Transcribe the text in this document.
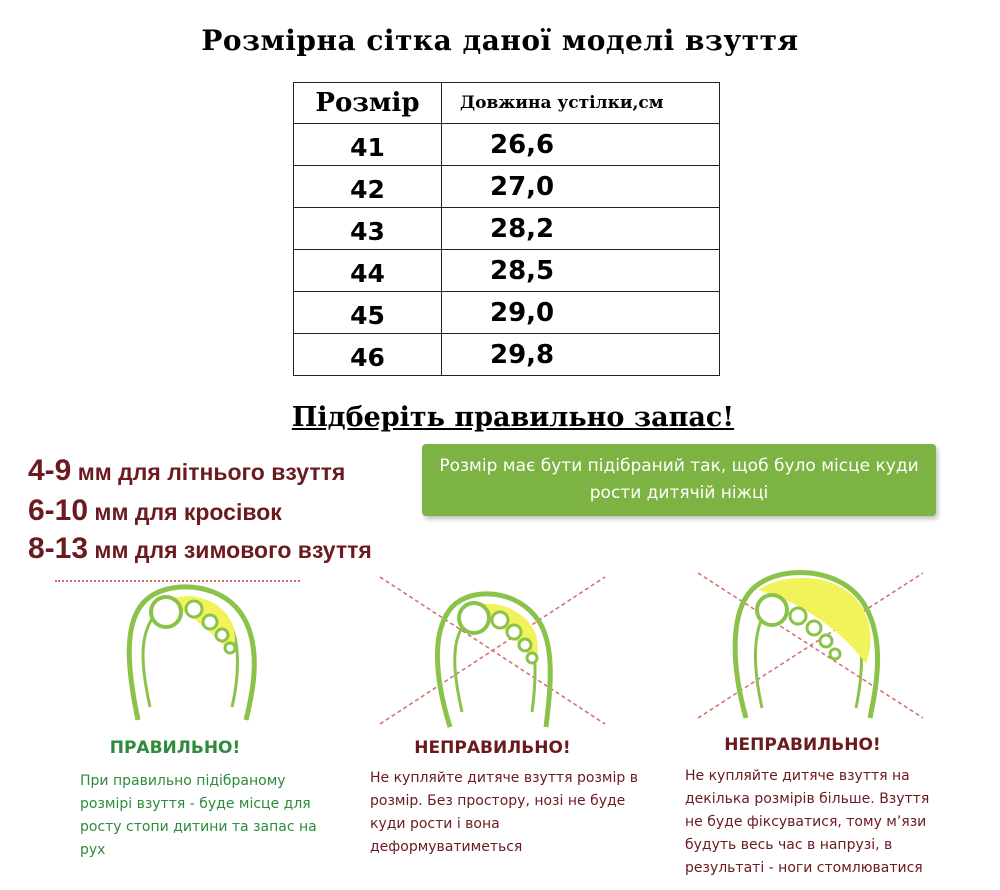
Розмірна сітка даної моделі взуття
Розмір	Довжина устілки,см
41	26,6
42	27,0
43	28,2
44	28,5
45	29,0
46	29,8
Підберіть правильно запас!
4-9 мм для літнього взуття
6-10 мм для кросівок
8-13 мм для зимового взуття
Розмір має бути підібраний так, щоб було місце куди рости дитячій ніжці
ПРАВИЛЬНО!	НЕПРАВИЛЬНО!	НЕПРАВИЛЬНО!
При правильно підібраному розмірі взуття - буде місце для росту стопи дитини та запас на рух
Не купляйте дитяче взуття розмір в розмір. Без простору, нозі не буде куди рости і вона деформуватиметься
Не купляйте дитяче взуття на декілька розмірів більше. Взуття не буде фіксуватися, тому м’язи будуть весь час в напрузі, в результаті - ноги стомлюватися
